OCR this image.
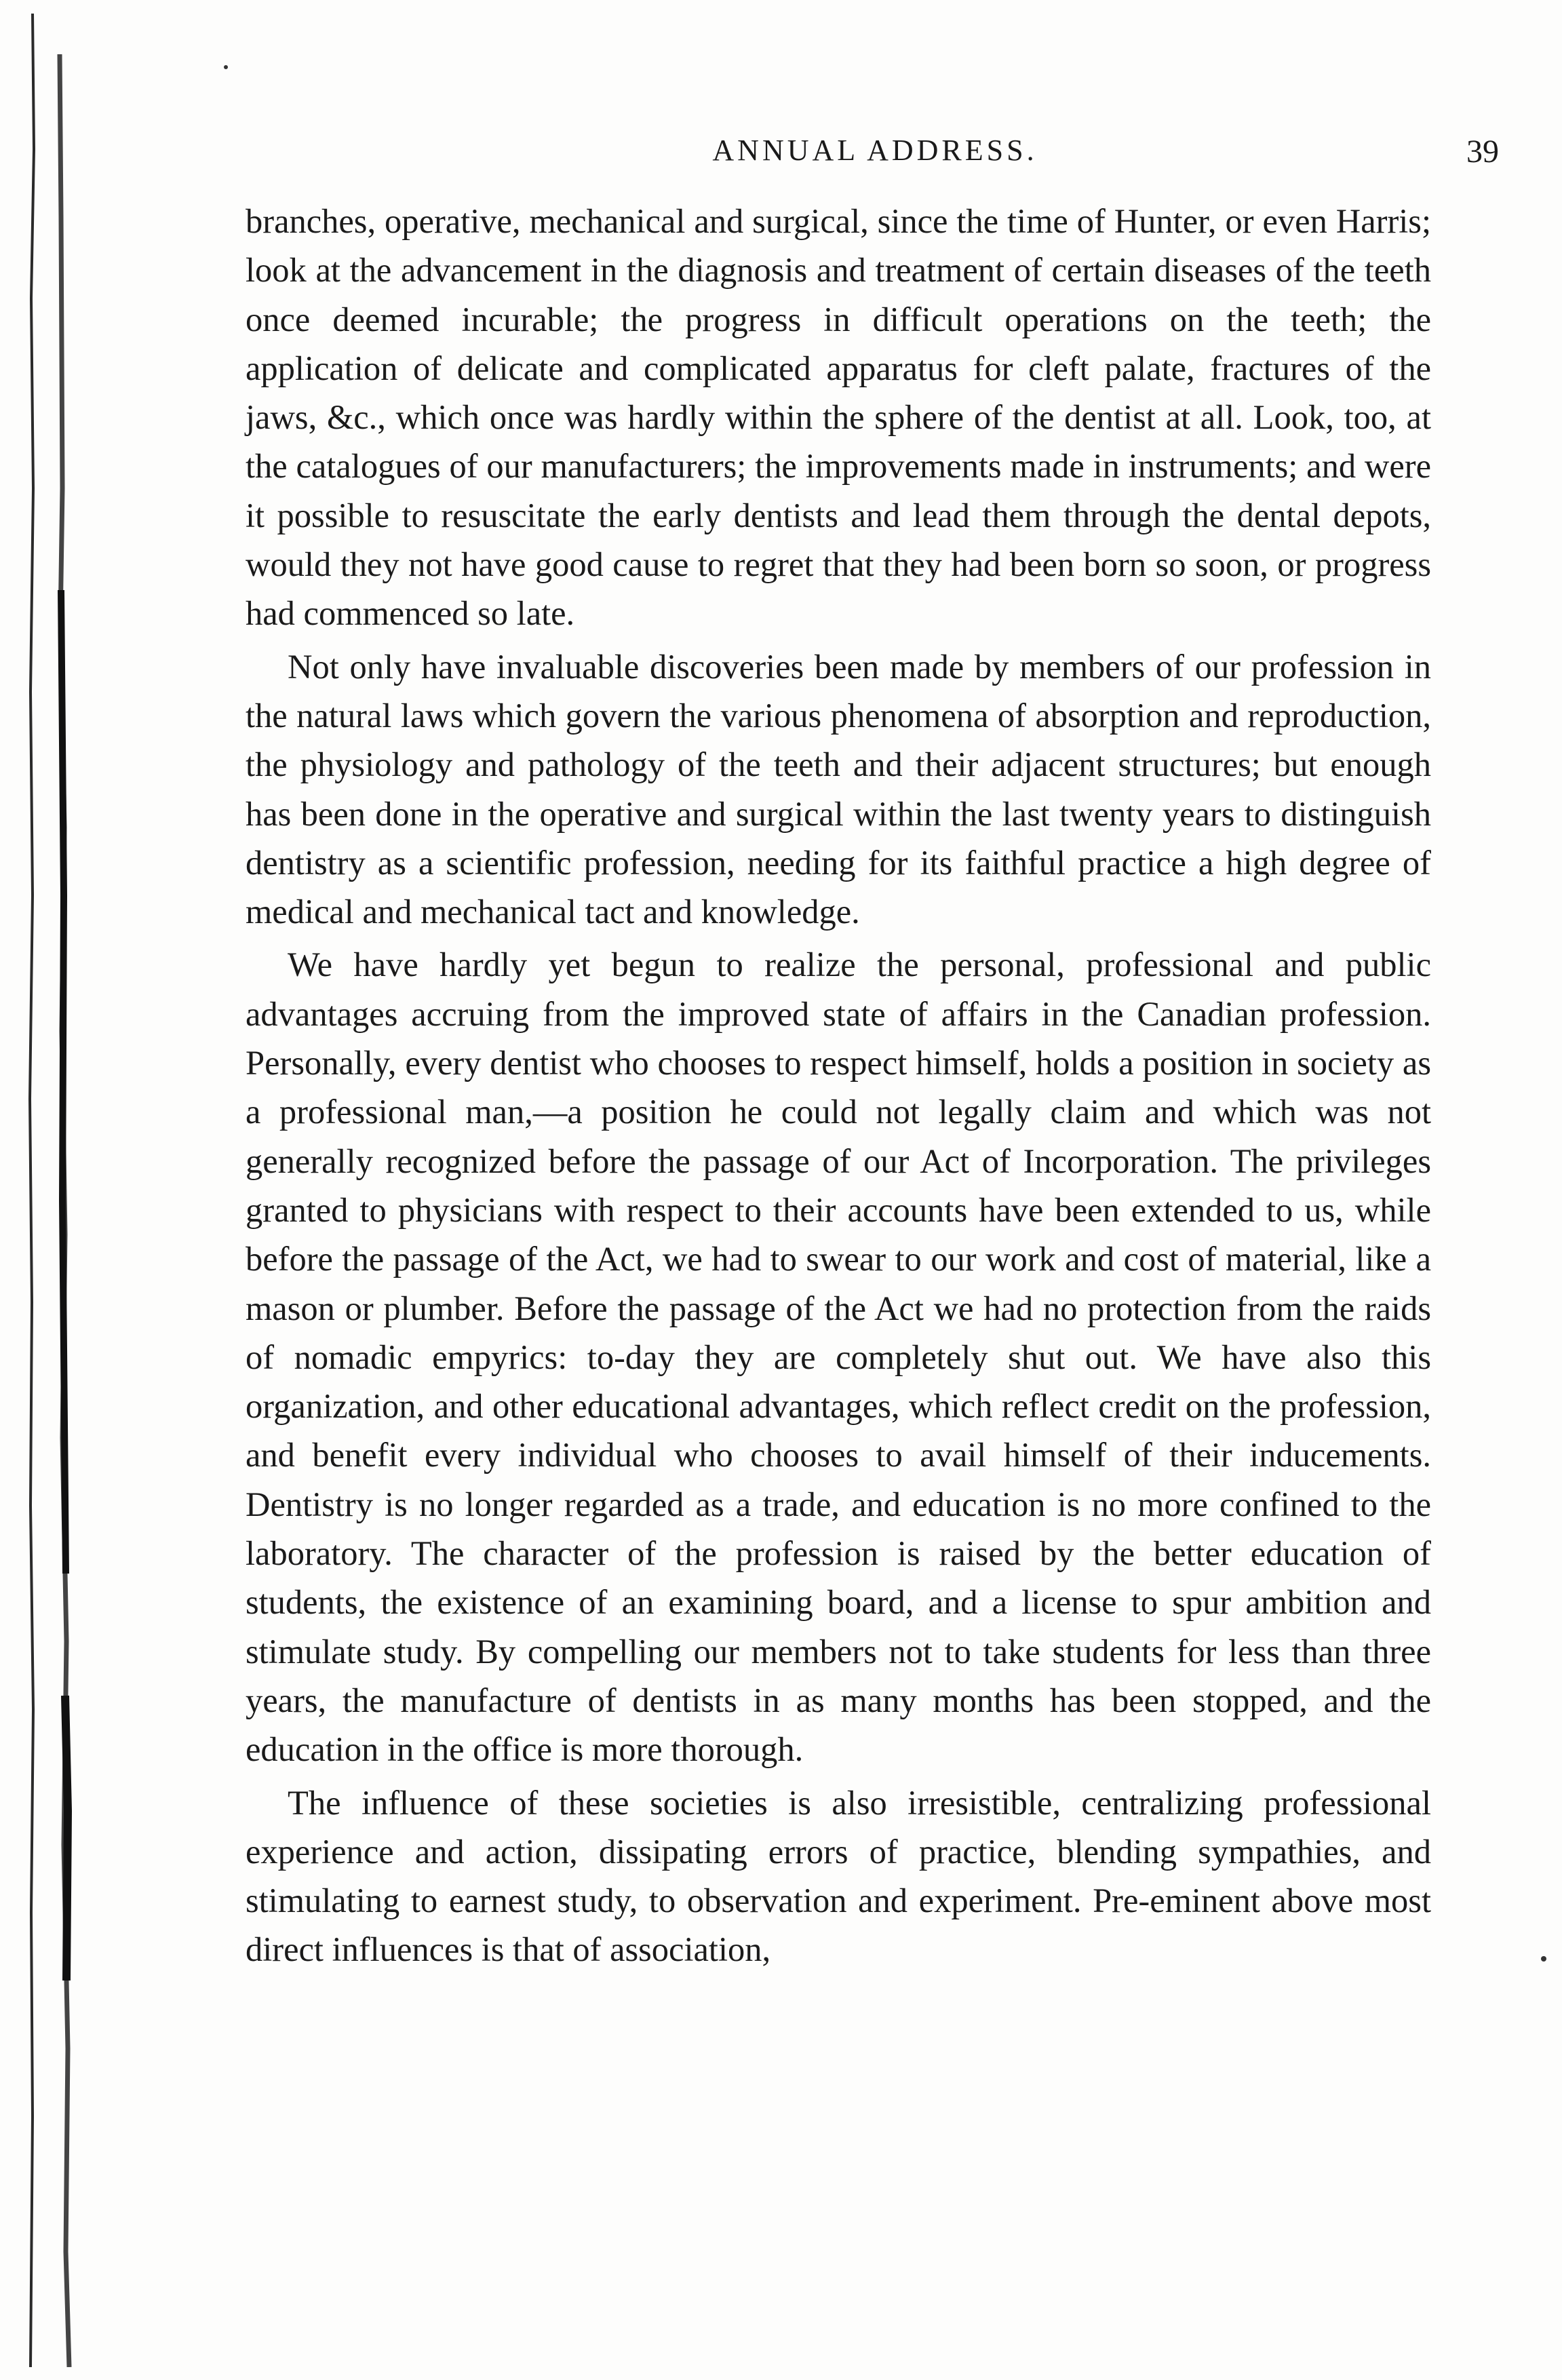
ANNUAL ADDRESS.	39

branches, operative, mechanical and surgical, since the time of Hunter, or even Harris; look at the advancement in the diagnosis and treatment of certain diseases of the teeth once deemed incurable; the progress in difficult operations on the teeth; the application of delicate and complicated apparatus for cleft palate, fractures of the jaws, &c., which once was hardly within the sphere of the dentist at all. Look, too, at the catalogues of our manufacturers; the improvements made in instruments; and were it possible to resuscitate the early dentists and lead them through the dental depots, would they not have good cause to regret that they had been born so soon, or progress had commenced so late.

Not only have invaluable discoveries been made by members of our profession in the natural laws which govern the various phenomena of absorption and reproduction, the physiology and pathology of the teeth and their adjacent structures; but enough has been done in the operative and surgical within the last twenty years to distinguish dentistry as a scientific profession, needing for its faithful practice a high degree of medical and mechanical tact and knowledge.

We have hardly yet begun to realize the personal, professional and public advantages accruing from the improved state of affairs in the Canadian profession. Personally, every dentist who chooses to respect himself, holds a position in society as a professional man,—a position he could not legally claim and which was not generally recognized before the passage of our Act of Incorporation. The privileges granted to physicians with respect to their accounts have been extended to us, while before the passage of the Act, we had to swear to our work and cost of material, like a mason or plumber. Before the passage of the Act we had no protection from the raids of nomadic empyrics: to-day they are completely shut out. We have also this organization, and other educational advantages, which reflect credit on the profession, and benefit every individual who chooses to avail himself of their inducements. Dentistry is no longer regarded as a trade, and education is no more confined to the laboratory. The character of the profession is raised by the better education of students, the existence of an examining board, and a license to spur ambition and stimulate study. By compelling our members not to take students for less than three years, the manufacture of dentists in as many months has been stopped, and the education in the office is more thorough.

The influence of these societies is also irresistible, centralizing professional experience and action, dissipating errors of practice, blending sympathies, and stimulating to earnest study, to observation and experiment. Pre-eminent above most direct influences is that of association,
